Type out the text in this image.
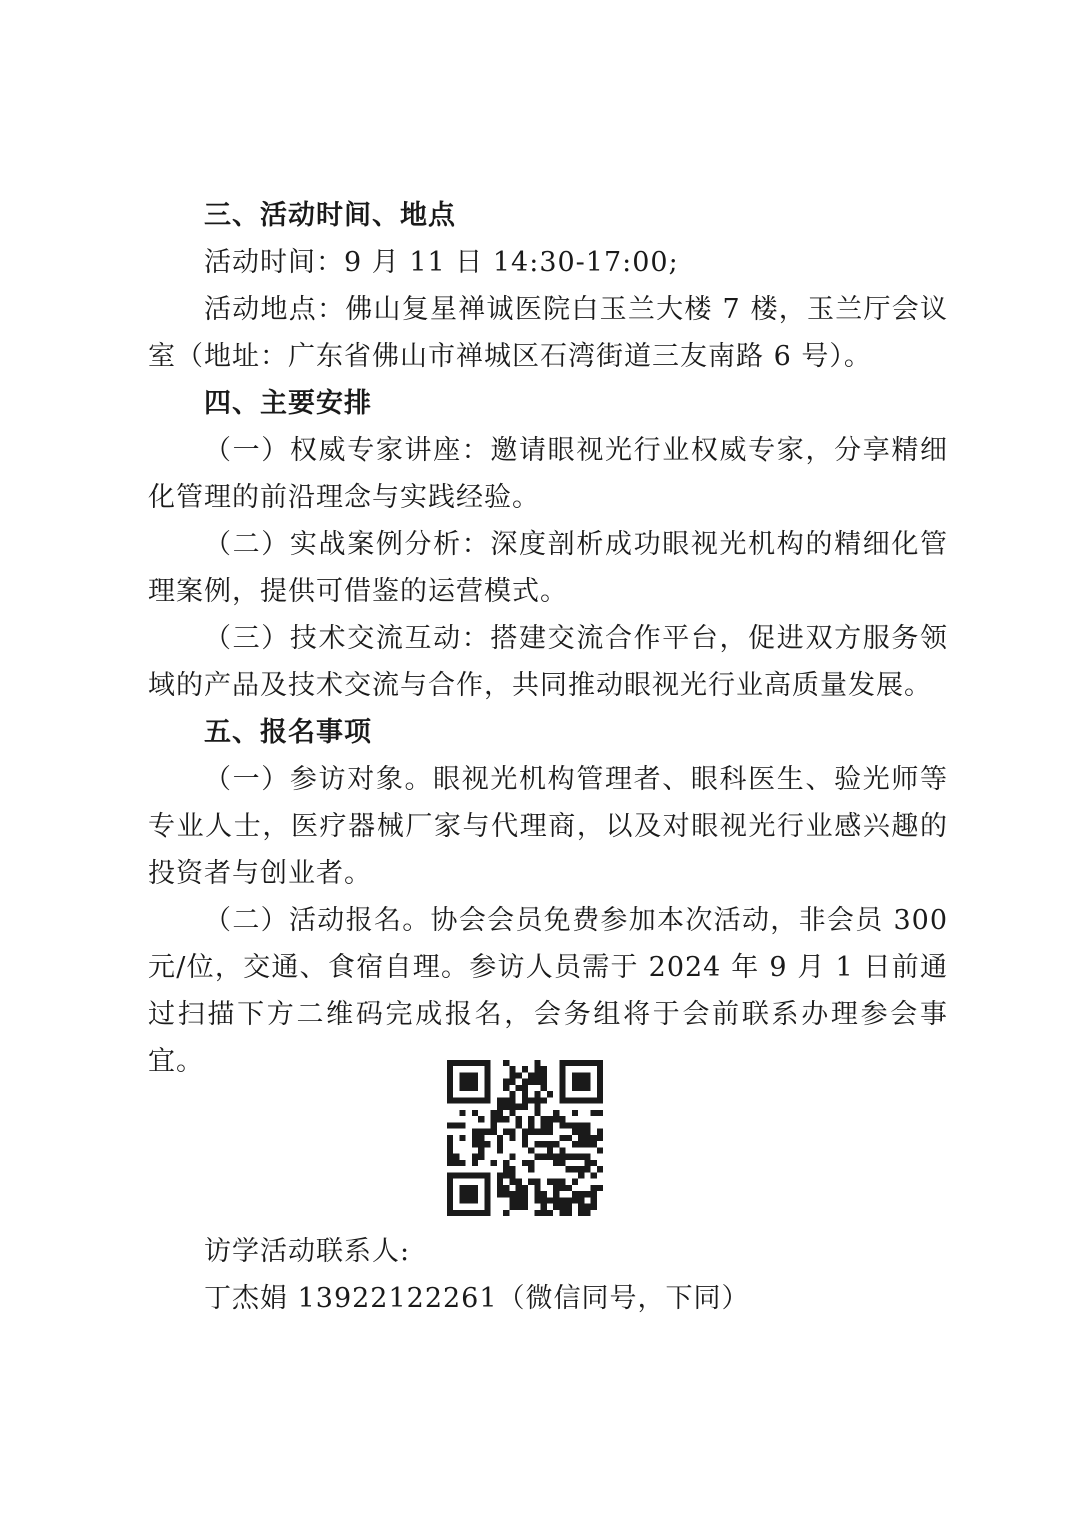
三、活动时间、地点

活动时间：9 月 11 日 14:30-17:00;

活动地点：佛山复星禅诚医院白玉兰大楼 7 楼，玉兰厅会议室（地址：广东省佛山市禅城区石湾街道三友南路 6 号）。

四、主要安排

（一）权威专家讲座：邀请眼视光行业权威专家，分享精细化管理的前沿理念与实践经验。

（二）实战案例分析：深度剖析成功眼视光机构的精细化管理案例，提供可借鉴的运营模式。

（三）技术交流互动：搭建交流合作平台，促进双方服务领域的产品及技术交流与合作，共同推动眼视光行业高质量发展。

五、报名事项

（一）参访对象。眼视光机构管理者、眼科医生、验光师等专业人士，医疗器械厂家与代理商，以及对眼视光行业感兴趣的投资者与创业者。

（二）活动报名。协会会员免费参加本次活动，非会员 300 元/位，交通、食宿自理。参访人员需于 2024 年 9 月 1 日前通过扫描下方二维码完成报名，会务组将于会前联系办理参会事宜。

访学活动联系人:

丁杰娟 13922122261（微信同号，下同）
